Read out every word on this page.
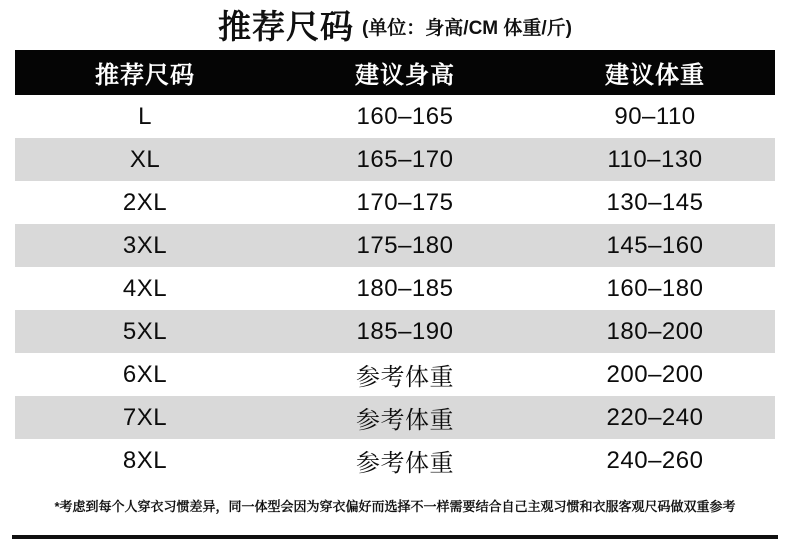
推荐尺码 (单位：身高/CM 体重/斤)
推荐尺码	建议身高	建议体重
L	160–165	90–110
XL	165–170	110–130
2XL	170–175	130–145
3XL	175–180	145–160
4XL	180–185	160–180
5XL	185–190	180–200
6XL	参考体重	200–200
7XL	参考体重	220–240
8XL	参考体重	240–260
*考虑到每个人穿衣习惯差异，同一体型会因为穿衣偏好而选择不一样需要结合自己主观习惯和衣服客观尺码做双重参考
